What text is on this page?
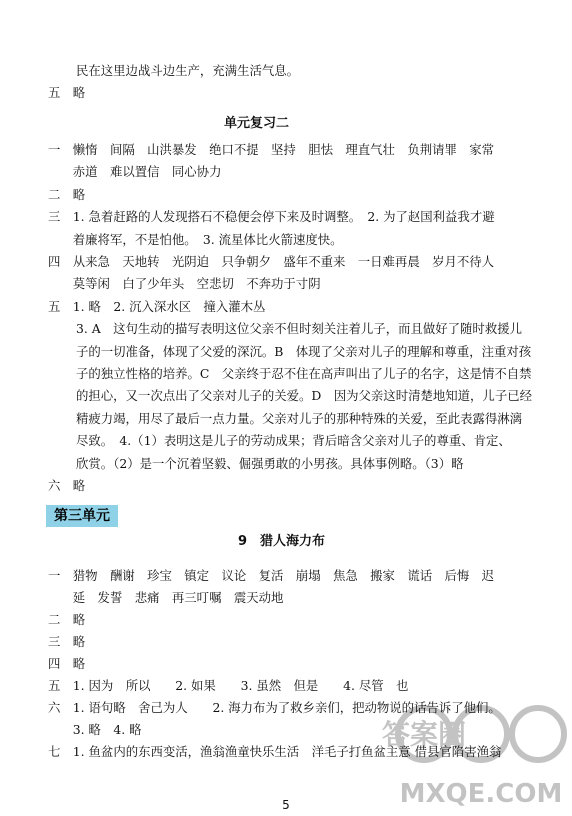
民在这里边战斗边生产，充满生活气息。
五　略
一　懒惰　间隔　山洪暴发　绝口不提　坚持　胆怯　理直气壮　负荆请罪　家常
　　赤道　难以置信　同心协力
二　略
三　1. 急着赶路的人发现搭石不稳便会停下来及时调整。　2. 为了赵国利益我才避
　　着廉将军，不是怕他。　3. 流星体比火箭速度快。
四　从来急　天地转　光阴迫　只争朝夕　盛年不重来　一日难再晨　岁月不待人
　　莫等闲　白了少年头　空悲切　不奔功于寸阴
五　1. 略　2. 沉入深水区　撞入灌木丛
3. A　这句生动的描写表明这位父亲不但时刻关注着儿子，而且做好了随时救援儿
子的一切准备，体现了父爱的深沉。B　体现了父亲对儿子的理解和尊重，注重对孩
子的独立性格的培养。C　父亲终于忍不住在高声叫出了儿子的名字，这是情不自禁
的担心，又一次点出了父亲对儿子的关爱。D　因为父亲这时清楚地知道，儿子已经
精疲力竭，用尽了最后一点力量。父亲对儿子的那种特殊的关爱，至此表露得淋漓
尽致。　4.（1）表明这是儿子的劳动成果；背后暗含父亲对儿子的尊重、肯定、
欣赏。（2）是一个沉着坚毅、倔强勇敢的小男孩。具体事例略。（3）略
六　略
一　猎物　酬谢　珍宝　镇定　议论　复活　崩塌　焦急　搬家　谎话　后悔　迟
　　延　发誓　悲痛　再三叮嘱　震天动地
二　略
三　略
四　略
五　1. 因为　所以　　2. 如果　　3. 虽然　但是　　4. 尽管　也
六　1. 语句略　舍己为人　　2. 海力布为了救乡亲们，把动物说的话告诉了他们。
　　3. 略　4. 略
七　1. 鱼盆内的东西变活，渔翁渔童快乐生活　洋毛子打鱼盆主意 借县官陷害渔翁
单元复习二
9　猎人海力布
第三单元
答案圈
MXQE.COM
5
